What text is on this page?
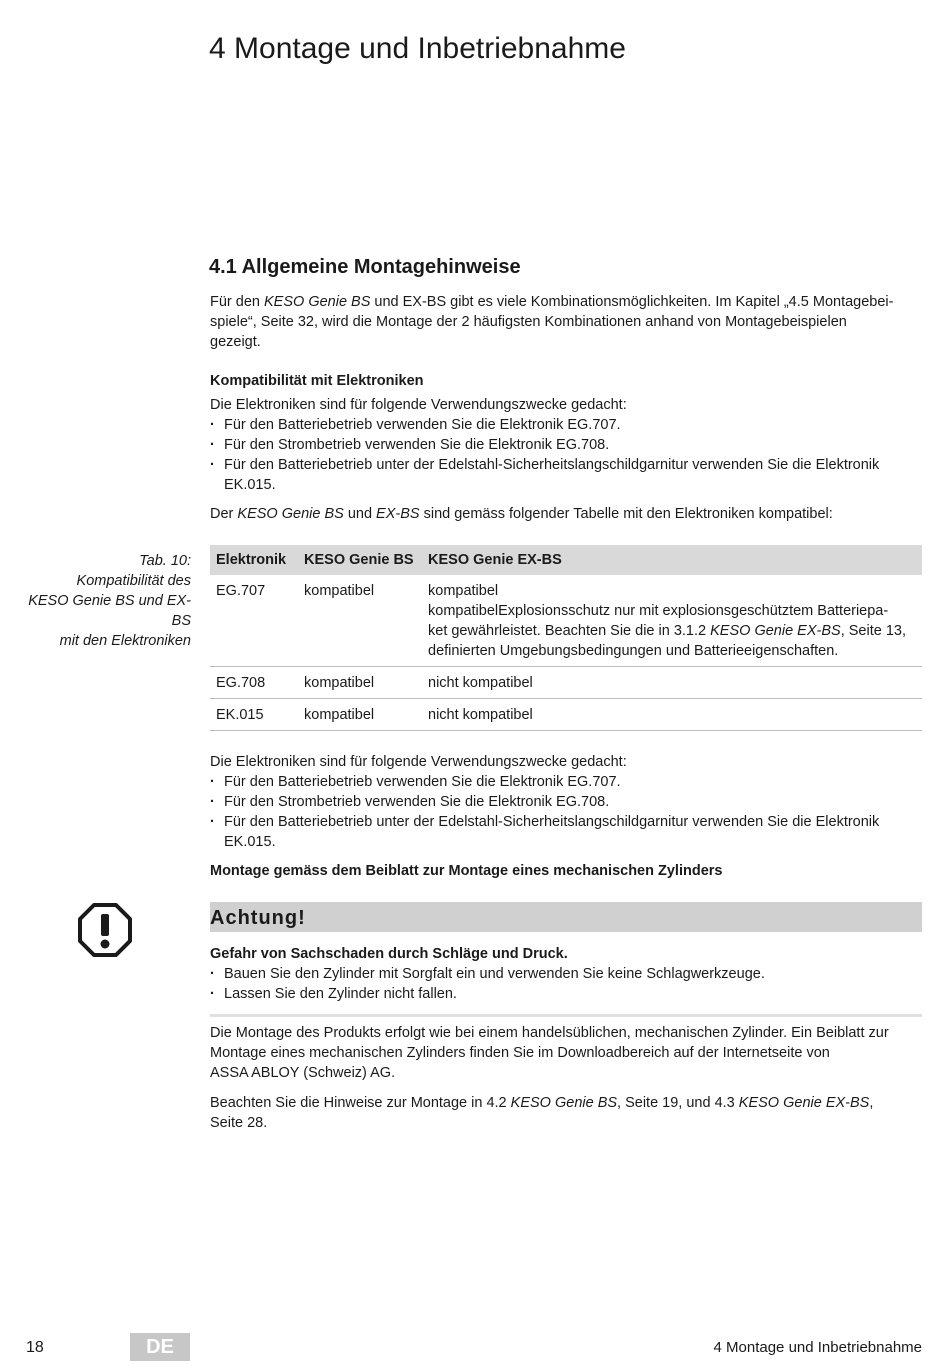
4 Montage und Inbetriebnahme
4.1 Allgemeine Montagehinweise
Für den KESO Genie BS und EX-BS gibt es viele Kombinationsmöglichkeiten. Im Kapitel „4.5 Montagebei-
spiele“, Seite 32, wird die Montage der 2 häufigsten Kombinationen anhand von Montagebeispielen
gezeigt.
Kompatibilität mit Elektroniken
Die Elektroniken sind für folgende Verwendungszwecke gedacht:
· Für den Batteriebetrieb verwenden Sie die Elektronik EG.707.
· Für den Strombetrieb verwenden Sie die Elektronik EG.708.
· Für den Batteriebetrieb unter der Edelstahl-Sicherheitslangschildgarnitur verwenden Sie die Elektronik EK.015.
Der KESO Genie BS und EX-BS sind gemäss folgender Tabelle mit den Elektroniken kompatibel:
Tab. 10:
Kompatibilität des
KESO Genie BS und EX-BS
mit den Elektroniken
Elektronik	KESO Genie BS	KESO Genie EX-BS
EG.707	kompatibel	kompatibel
kompatibelExplosionsschutz nur mit explosionsgeschütztem Batteriepa-
ket gewährleistet. Beachten Sie die in 3.1.2 KESO Genie EX-BS, Seite 13,
definierten Umgebungsbedingungen und Batterieeigenschaften.
EG.708	kompatibel	nicht kompatibel
EK.015	kompatibel	nicht kompatibel
Die Elektroniken sind für folgende Verwendungszwecke gedacht:
· Für den Batteriebetrieb verwenden Sie die Elektronik EG.707.
· Für den Strombetrieb verwenden Sie die Elektronik EG.708.
· Für den Batteriebetrieb unter der Edelstahl-Sicherheitslangschildgarnitur verwenden Sie die Elektronik EK.015.
Montage gemäss dem Beiblatt zur Montage eines mechanischen Zylinders
Achtung!
Gefahr von Sachschaden durch Schläge und Druck.
· Bauen Sie den Zylinder mit Sorgfalt ein und verwenden Sie keine Schlagwerkzeuge.
· Lassen Sie den Zylinder nicht fallen.
Die Montage des Produkts erfolgt wie bei einem handelsüblichen, mechanischen Zylinder. Ein Beiblatt zur
Montage eines mechanischen Zylinders finden Sie im Downloadbereich auf der Internetseite von
ASSA ABLOY (Schweiz) AG.
Beachten Sie die Hinweise zur Montage in 4.2 KESO Genie BS, Seite 19, und 4.3 KESO Genie EX-BS,
Seite 28.
18	DE	4 Montage und Inbetriebnahme
